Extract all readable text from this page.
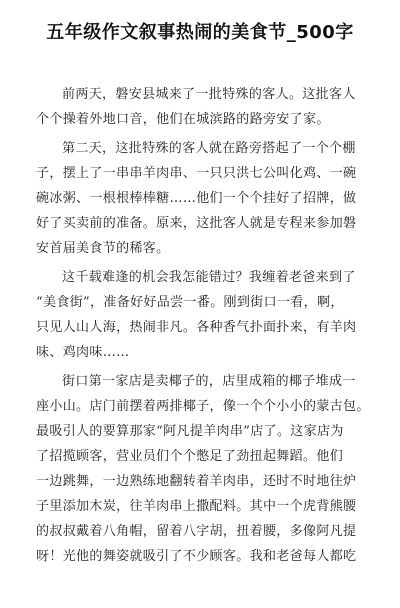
五年级作文叙事热闹的美食节_500字
前两天，磐安县城来了一批特殊的客人。这批客人
个个操着外地口音，他们在城滨路的路旁安了家。
第二天，这批特殊的客人就在路旁搭起了一个个棚
子，摆上了一串串羊肉串、一只只洪七公叫化鸡、一碗
碗冰粥、一根根棒棒糖……他们一个个挂好了招牌，做
好了买卖前的准备。原来，这批客人就是专程来参加磐
安首届美食节的稀客。
这千载难逢的机会我怎能错过？我缠着老爸来到了
“美食街”，准备好好品尝一番。刚到街口一看，啊，
只见人山人海，热闹非凡。各种香气扑面扑来，有羊肉
味、鸡肉味……
街口第一家店是卖椰子的，店里成箱的椰子堆成一
座小山。店门前摆着两排椰子，像一个个小小的蒙古包。
最吸引人的要算那家“阿凡提羊肉串”店了。这家店为
了招揽顾客，营业员们个个憋足了劲扭起舞蹈。他们
一边跳舞，一边熟练地翻转着羊肉串，还时不时地往炉
子里添加木炭，往羊肉串上撒配料。其中一个虎背熊腰
的叔叔戴着八角帽，留着八字胡，扭着腰，多像阿凡提
呀！光他的舞姿就吸引了不少顾客。我和老爸每人都吃
